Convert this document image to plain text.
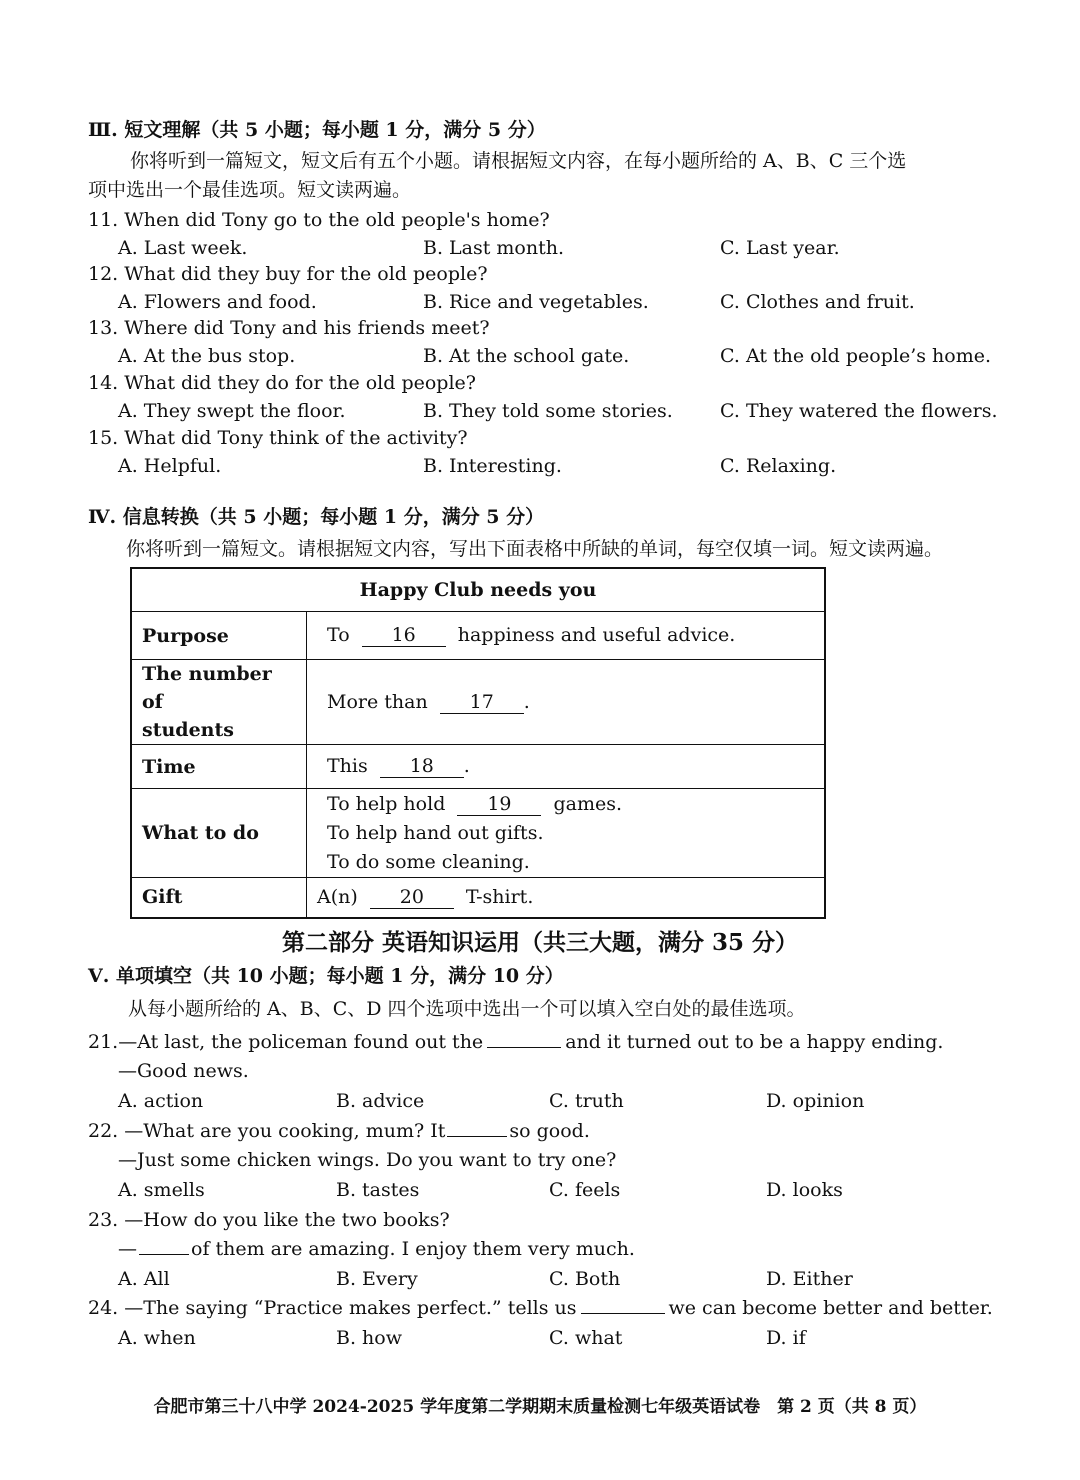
Ⅲ. 短文理解（共 5 小题；每小题 1 分，满分 5 分）
你将听到一篇短文，短文后有五个小题。请根据短文内容，在每小题所给的 A、B、C 三个选
项中选出一个最佳选项。短文读两遍。
11. When did Tony go to the old people's home?
A. Last week.	B. Last month.	C. Last year.
12. What did they buy for the old people?
A. Flowers and food.	B. Rice and vegetables.	C. Clothes and fruit.
13. Where did Tony and his friends meet?
A. At the bus stop.	B. At the school gate.	C. At the old people’s home.
14. What did they do for the old people?
A. They swept the floor.	B. They told some stories. C. They watered the flowers.
15. What did Tony think of the activity?
A. Helpful.	B. Interesting.	C. Relaxing.
Ⅳ. 信息转换（共 5 小题；每小题 1 分，满分 5 分）
你将听到一篇短文。请根据短文内容，写出下面表格中所缺的单词，每空仅填一词。短文读两遍。
Happy Club needs you	
Purpose	To 16 happiness and useful advice.
The number of
students	More than 17 .
Time	This 18 .
What to do	To help hold 19 games.
To help hand out gifts.
To do some cleaning.
Gift	A(n) 20 T-shirt.
第二部分 英语知识运用（共三大题，满分 35 分）
Ⅴ. 单项填空（共 10 小题；每小题 1 分，满分 10 分）
从每小题所给的 A、B、C、D 四个选项中选出一个可以填入空白处的最佳选项。
21.—At last, the policeman found out the	and it turned out to be a happy ending.
—Good news.
A. action	B. advice	C. truth	D. opinion
22. —What are you cooking, mum? It	so good.
—Just some chicken wings. Do you want to try one?
A. smells	B. tastes	C. feels	D. looks
23. —How do you like the two books?
—	of them are amazing. I enjoy them very much.
A. All	B. Every	C. Both	D. Either
24. —The saying “Practice makes perfect.” tells us	we can become better and better.
A. when	B. how	C. what	D. if
合肥市第三十八中学 2024-2025 学年度第二学期期末质量检测七年级英语试卷　第 2 页（共 8 页）
